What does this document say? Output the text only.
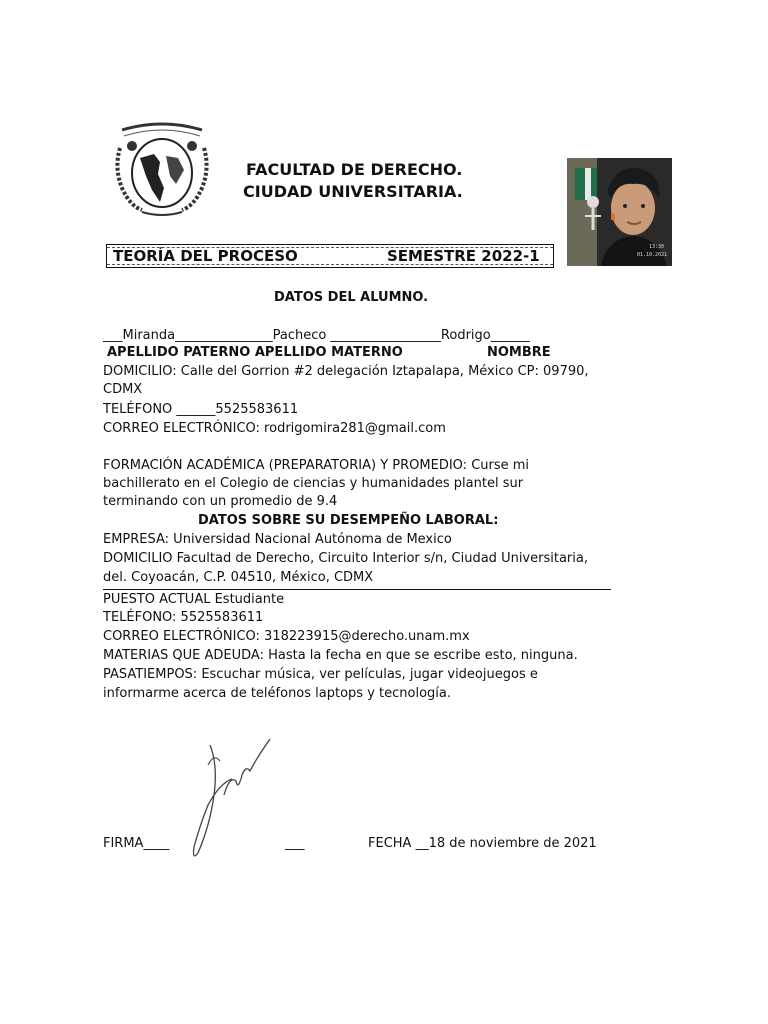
FACULTAD DE DERECHO.
CIUDAD UNIVERSITARIA.
13:30
01.10.2021
TEORÍA DEL PROCESO	SEMESTRE 2022-1
DATOS DEL ALUMNO.
___Miranda_______________Pacheco _________________Rodrigo______
APELLIDO PATERNO APELLIDO MATERNO	NOMBRE
DOMICILIO: Calle del Gorrion #2 delegación Iztapalapa, México CP: 09790,
CDMX
TELÉFONO ______5525583611
CORREO ELECTRÓNICO: rodrigomira281@gmail.com
FORMACIÓN ACADÉMICA (PREPARATORIA) Y PROMEDIO: Curse mi
bachillerato en el Colegio de ciencias y humanidades plantel sur
terminando con un promedio de 9.4
DATOS SOBRE SU DESEMPEÑO LABORAL:
EMPRESA: Universidad Nacional Autónoma de Mexico
DOMICILIO Facultad de Derecho, Circuito Interior s/n, Ciudad Universitaria,
del. Coyoacán, C.P. 04510, México, CDMX
PUESTO ACTUAL Estudiante
TELÉFONO: 5525583611
CORREO ELECTRÓNICO: 318223915@derecho.unam.mx
MATERIAS QUE ADEUDA: Hasta la fecha en que se escribe esto, ninguna.
PASATIEMPOS: Escuchar música, ver películas, jugar videojuegos e
informarme acerca de teléfonos laptops y tecnología.
FIRMA____	___	FECHA __18 de noviembre de 2021
